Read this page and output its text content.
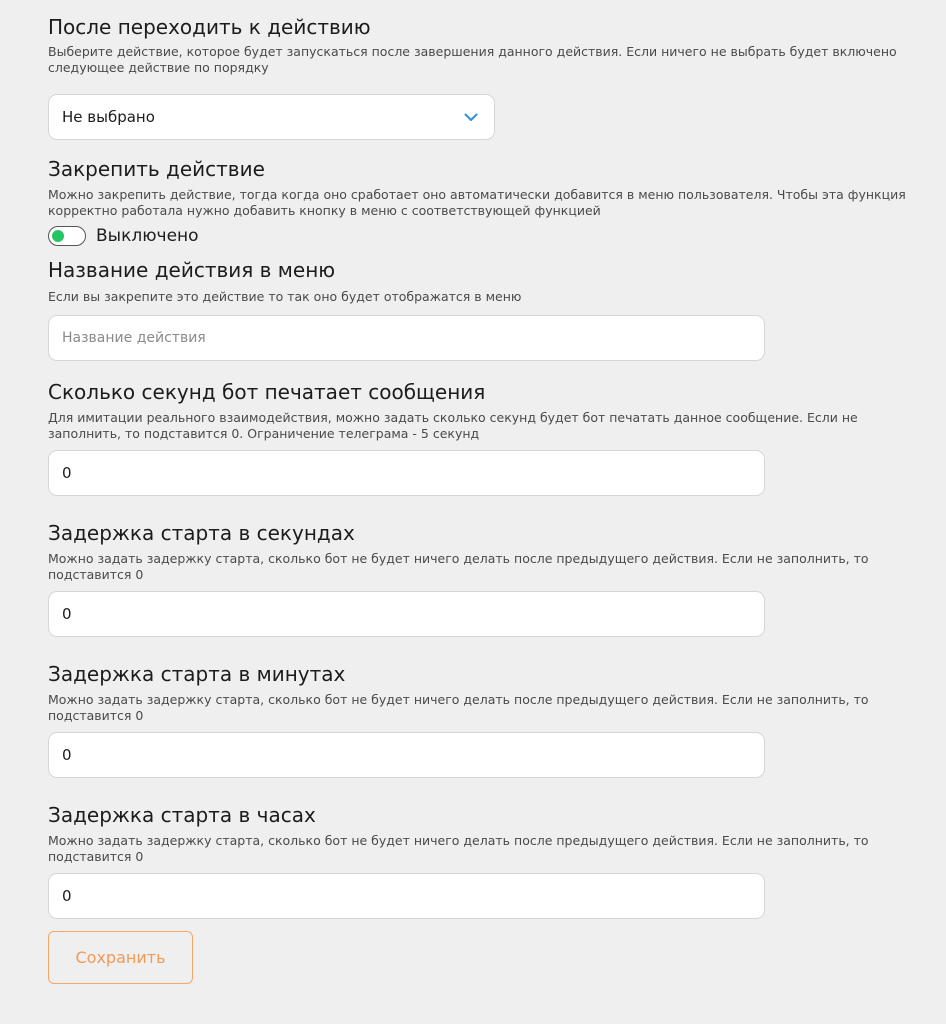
После переходить к действию
Выберите действие, которое будет запускаться после завершения данного действия. Если ничего не выбрать будет включено следующее действие по порядку
Не выбрано
Закрепить действие
Можно закрепить действие, тогда когда оно сработает оно автоматически добавится в меню пользователя. Чтобы эта функция корректно работала нужно добавить кнопку в меню с соответствующей функцией
Выключено
Название действия в меню
Если вы закрепите это действие то так оно будет отображатся в меню
Название действия
Сколько секунд бот печатает сообщения
Для имитации реального взаимодействия, можно задать сколько секунд будет бот печатать данное сообщение. Если не заполнить, то подставится 0. Ограничение телеграма - 5 секунд
0
Задержка старта в секундах
Можно задать задержку старта, сколько бот не будет ничего делать после предыдущего действия. Если не заполнить, то подставится 0
0
Задержка старта в минутах
Можно задать задержку старта, сколько бот не будет ничего делать после предыдущего действия. Если не заполнить, то подставится 0
0
Задержка старта в часах
Можно задать задержку старта, сколько бот не будет ничего делать после предыдущего действия. Если не заполнить, то подставится 0
0
Сохранить
